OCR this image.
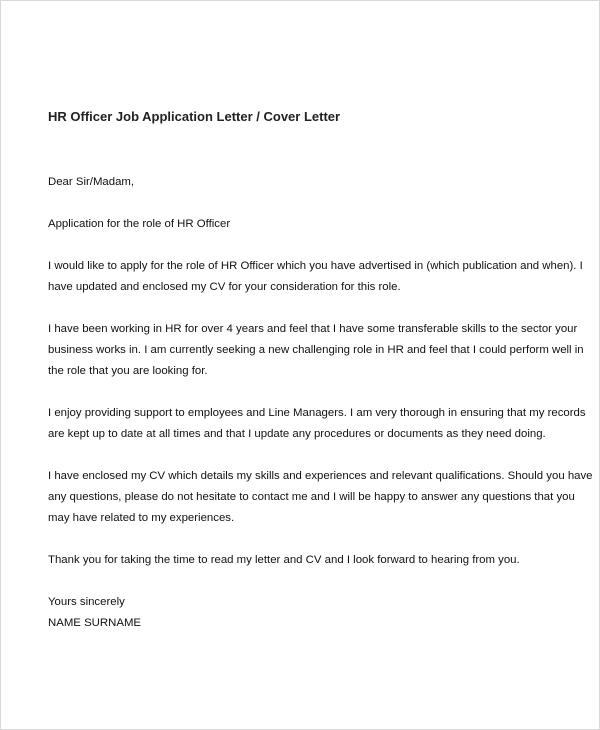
HR Officer Job Application Letter / Cover Letter
Dear Sir/Madam,
Application for the role of HR Officer
I would like to apply for the role of HR Officer which you have advertised in (which publication and when). I
have updated and enclosed my CV for your consideration for this role.
I have been working in HR for over 4 years and feel that I have some transferable skills to the sector your
business works in. I am currently seeking a new challenging role in HR and feel that I could perform well in
the role that you are looking for.
I enjoy providing support to employees and Line Managers. I am very thorough in ensuring that my records
are kept up to date at all times and that I update any procedures or documents as they need doing.
I have enclosed my CV which details my skills and experiences and relevant qualifications. Should you have
any questions, please do not hesitate to contact me and I will be happy to answer any questions that you
may have related to my experiences.
Thank you for taking the time to read my letter and CV and I look forward to hearing from you.
Yours sincerely
NAME SURNAME
